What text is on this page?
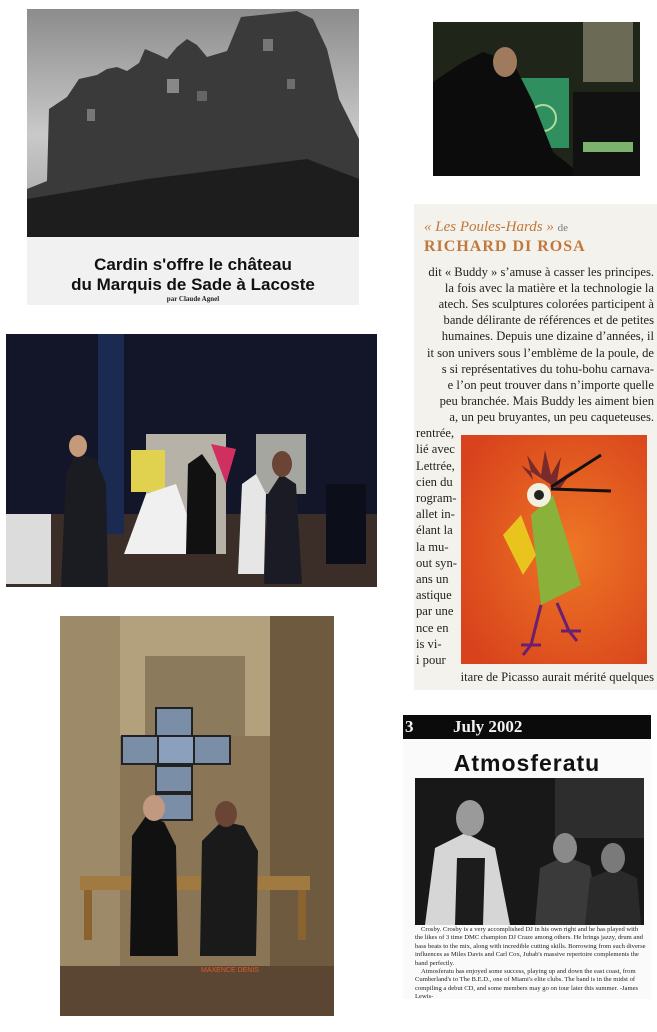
Cardin s'offre le château
du Marquis de Sade à Lacoste
par Claude Agnel
« Les Poules-Hards » de
RICHARD DI ROSA
dit « Buddy » s’amuse à casser les principes.
la fois avec la matière et la technologie la
atech. Ses sculptures colorées participent à
bande délirante de références et de petites
humaines. Depuis une dizaine d’années, il
it son univers sous l’emblème de la poule, de
s si représentatives du tohu-bohu carnava-
e l’on peut trouver dans n’importe quelle
peu branchée. Mais Buddy les aiment bien
a, un peu bruyantes, un peu caqueteuses.
rentrée,
lié avec
Lettrée,
cien du
rogram-
allet in-
élant la
la mu-
out syn-
ans un
astique
par une
nce en
is vi-
i pour
itare de Picasso aurait mérité quelques
MAXENCE DENIS
3 July 2002
Atmosferatu

Crosby. Crosby is a very accomplished DJ in his own right and he has played with the likes of 3 time DMC champion DJ Craze among others. He brings jazzy, drum and bass beats to the mix, along with incredible cutting skills. Borrowing from such diverse influences as Miles Davis and Carl Cox, Jubab's massive repertoire complements the band perfectly.

Atmosferatu has enjoyed some success, playing up and down the east coast, from Cumberland's to The B.E.D., one of Miami's elite clubs. The band is in the midst of compiling a debut CD, and some members may go on tour later this summer. -James Lewis-
